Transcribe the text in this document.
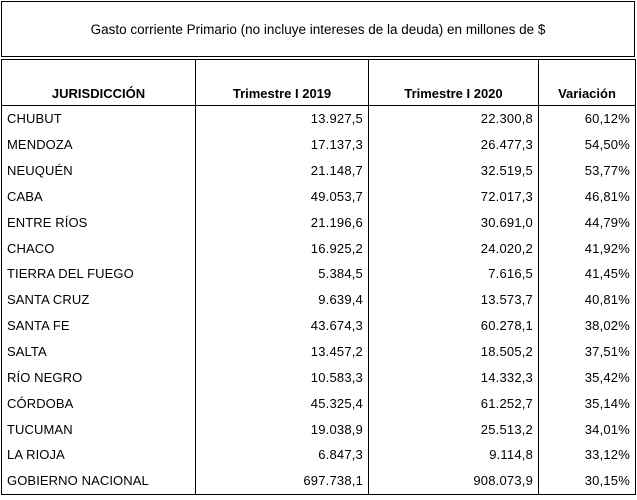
Gasto corriente Primario (no incluye intereses de la deuda) en millones de $
JURISDICCIÓN	Trimestre I 2019	Trimestre I 2020	Variación
CHUBUT	13.927,5	22.300,8	60,12%
MENDOZA	17.137,3	26.477,3	54,50%
NEUQUÉN	21.148,7	32.519,5	53,77%
CABA	49.053,7	72.017,3	46,81%
ENTRE RÍOS	21.196,6	30.691,0	44,79%
CHACO	16.925,2	24.020,2	41,92%
TIERRA DEL FUEGO	5.384,5	7.616,5	41,45%
SANTA CRUZ	9.639,4	13.573,7	40,81%
SANTA FE	43.674,3	60.278,1	38,02%
SALTA	13.457,2	18.505,2	37,51%
RÍO NEGRO	10.583,3	14.332,3	35,42%
CÓRDOBA	45.325,4	61.252,7	35,14%
TUCUMAN	19.038,9	25.513,2	34,01%
LA RIOJA	6.847,3	9.114,8	33,12%
GOBIERNO NACIONAL	697.738,1	908.073,9	30,15%
